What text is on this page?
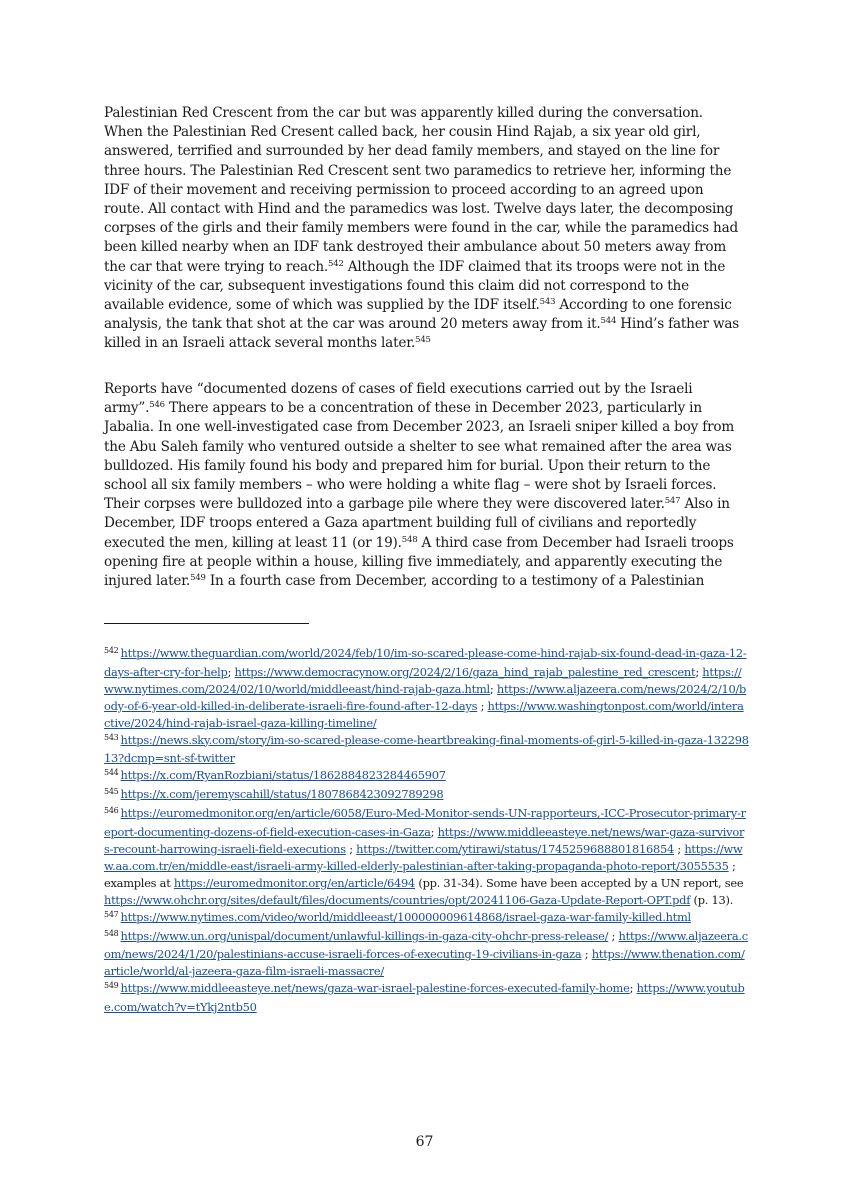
Palestinian Red Crescent from the car but was apparently killed during the conversation. When the Palestinian Red Cresent called back, her cousin Hind Rajab, a six year old girl, answered, terrified and surrounded by her dead family members, and stayed on the line for three hours. The Palestinian Red Crescent sent two paramedics to retrieve her, informing the IDF of their movement and receiving permission to proceed according to an agreed upon route. All contact with Hind and the paramedics was lost. Twelve days later, the decomposing corpses of the girls and their family members were found in the car, while the paramedics had been killed nearby when an IDF tank destroyed their ambulance about 50 meters away from the car that were trying to reach.$^{542}$ Although the IDF claimed that its troops were not in the vicinity of the car, subsequent investigations found this claim did not correspond to the available evidence, some of which was supplied by the IDF itself.$^{543}$ According to one forensic analysis, the tank that shot at the car was around 20 meters away from it.$^{544}$ Hind’s father was killed in an Israeli attack several months later.$^{545}$

Reports have “documented dozens of cases of field executions carried out by the Israeli army”.$^{546}$ There appears to be a concentration of these in December 2023, particularly in Jabalia. In one well-investigated case from December 2023, an Israeli sniper killed a boy from the Abu Saleh family who ventured outside a shelter to see what remained after the area was bulldozed. His family found his body and prepared him for burial. Upon their return to the school all six family members – who were holding a white flag – were shot by Israeli forces. Their corpses were bulldozed into a garbage pile where they were discovered later.$^{547}$ Also in December, IDF troops entered a Gaza apartment building full of civilians and reportedly executed the men, killing at least 11 (or 19).$^{548}$ A third case from December had Israeli troops opening fire at people within a house, killing five immediately, and apparently executing the injured later.$^{549}$ In a fourth case from December, according to a testimony of a Palestinian

$^{542}$ https://www.theguardian.com/world/2024/feb/10/im-so-scared-please-come-hind-rajab-six-found-dead-in-gaza-12-days-after-cry-for-help; https://www.democracynow.org/2024/2/16/gaza_hind_rajab_palestine_red_crescent; https://www.nytimes.com/2024/02/10/world/middleeast/hind-rajab-gaza.html; https://www.aljazeera.com/news/2024/2/10/body-of-6-year-old-killed-in-deliberate-israeli-fire-found-after-12-days ; https://www.washingtonpost.com/world/interactive/2024/hind-rajab-israel-gaza-killing-timeline/
$^{543}$ https://news.sky.com/story/im-so-scared-please-come-heartbreaking-final-moments-of-girl-5-killed-in-gaza-13229813?dcmp=snt-sf-twitter
$^{544}$ https://x.com/RyanRozbiani/status/1862884823284465907
$^{545}$ https://x.com/jeremyscahill/status/1807868423092789298
$^{546}$ https://euromedmonitor.org/en/article/6058/Euro-Med-Monitor-sends-UN-rapporteurs,-ICC-Prosecutor-primary-report-documenting-dozens-of-field-execution-cases-in-Gaza; https://www.middleeasteye.net/news/war-gaza-survivors-recount-harrowing-israeli-field-executions ; https://twitter.com/ytirawi/status/1745259688801816854 ; https://www.aa.com.tr/en/middle-east/israeli-army-killed-elderly-palestinian-after-taking-propaganda-photo-report/3055535 ; examples at https://euromedmonitor.org/en/article/6494 (pp. 31-34). Some have been accepted by a UN report, see https://www.ohchr.org/sites/default/files/documents/countries/opt/20241106-Gaza-Update-Report-OPT.pdf (p. 13).
$^{547}$ https://www.nytimes.com/video/world/middleeast/100000009614868/israel-gaza-war-family-killed.html
$^{548}$ https://www.un.org/unispal/document/unlawful-killings-in-gaza-city-ohchr-press-release/ ; https://www.aljazeera.com/news/2024/1/20/palestinians-accuse-israeli-forces-of-executing-19-civilians-in-gaza ; https://www.thenation.com/article/world/al-jazeera-gaza-film-israeli-massacre/
$^{549}$ https://www.middleeasteye.net/news/gaza-war-israel-palestine-forces-executed-family-home; https://www.youtube.com/watch?v=tYkj2ntb50
67
